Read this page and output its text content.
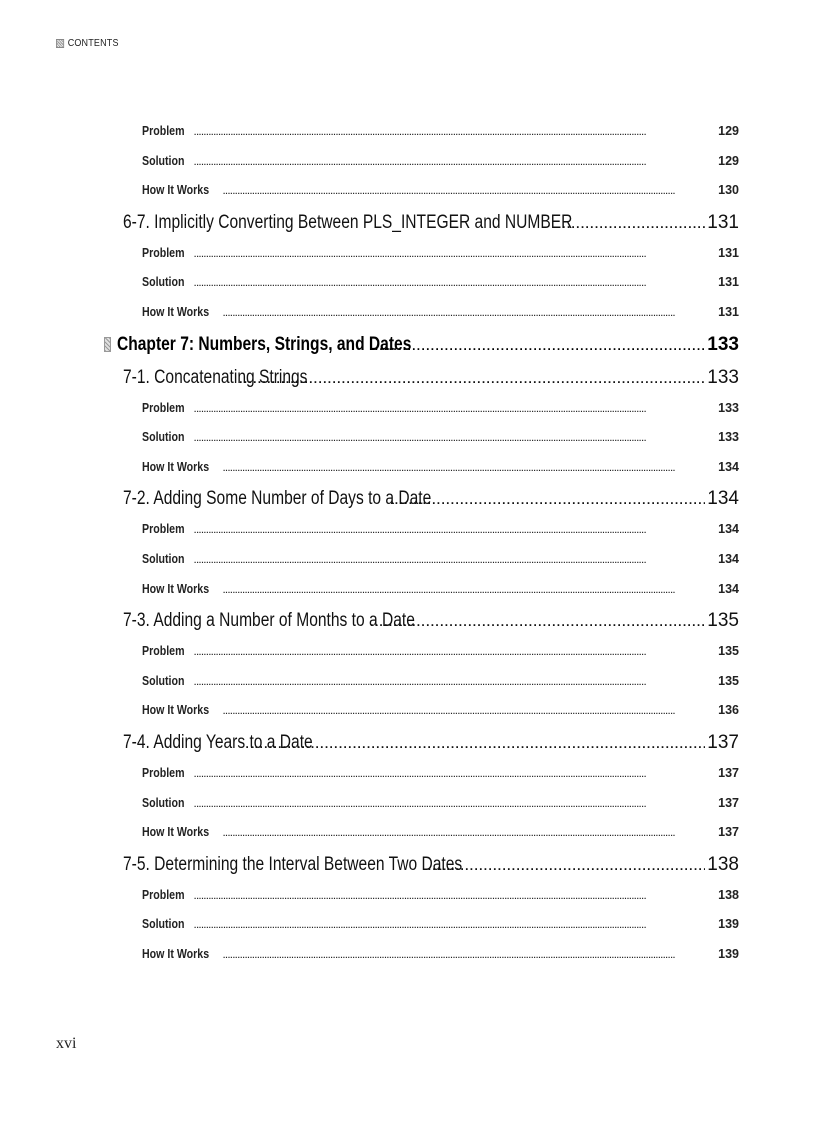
CONTENTS
Problem . . .	129
Solution . . .	129
How It Works . . .	130
6-7. Implicitly Converting Between PLS_INTEGER and NUMBER . . .	131
Problem . . .	131
Solution . . .	131
How It Works . . .	131
Chapter 7: Numbers, Strings, and Dates . . .	133
7-1. Concatenating Strings . . .	133
Problem . . .	133
Solution . . .	133
How It Works . . .	134
7-2. Adding Some Number of Days to a Date . . .	134
Problem . . .	134
Solution . . .	134
How It Works . . .	134
7-3. Adding a Number of Months to a Date . . .	135
Problem . . .	135
Solution . . .	135
How It Works . . .	136
7-4. Adding Years to a Date . . .	137
Problem . . .	137
Solution . . .	137
How It Works . . .	137
7-5. Determining the Interval Between Two Dates . . .	138
Problem . . .	138
Solution . . .	139
How It Works . . .	139
xvi
